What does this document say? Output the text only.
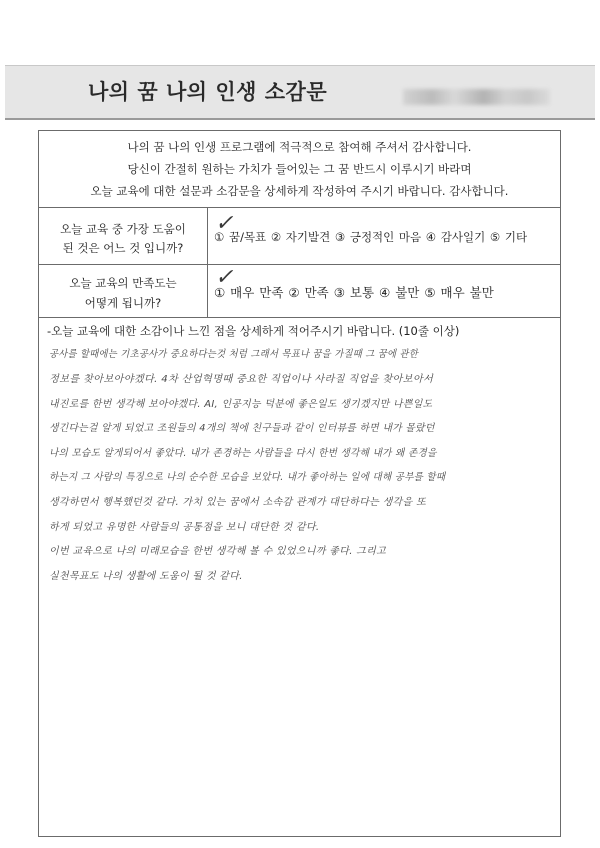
나의 꿈 나의 인생 소감문
나의 꿈 나의 인생 프로그램에 적극적으로 참여해 주셔서 감사합니다.
당신이 간절히 원하는 가치가 들어있는 그 꿈 반드시 이루시기 바라며
오늘 교육에 대한 설문과 소감문을 상세하게 작성하여 주시기 바랍니다. 감사합니다.
오늘 교육 중 가장 도움이
된 것은 어느 것 입니까?
① 꿈/목표 ② 자기발견 ③ 긍정적인 마음 ④ 감사일기 ⑤ 기타
✓
오늘 교육의 만족도는
어떻게 됩니까?
① 매우 만족 ② 만족 ③ 보통 ④ 불만 ⑤ 매우 불만
✓
-오늘 교육에 대한 소감이나 느낀 점을 상세하게 적어주시기 바랍니다. (10줄 이상)
공사를 할때에는 기초공사가 중요하다는것 처럼 그래서 목표나 꿈을 가질때 그 꿈에 관한
정보를 찾아보아야겠다. 4차 산업혁명때 중요한 직업이나 사라질 직업을 찾아보아서
내진로를 한번 생각해 보아야겠다. AI, 인공지능 덕분에 좋은일도 생기겠지만 나쁜일도
생긴다는걸 알게 되었고 조원들의 4개의 책에 친구들과 같이 인터뷰를 하면 내가 몰랐던
나의 모습도 알게되어서 좋았다. 내가 존경하는 사람들을 다시 한번 생각해 내가 왜 존경을
하는지 그 사람의 특징으로 나의 순수한 모습을 보았다. 내가 좋아하는 일에 대해 공부를 할때
생각하면서 행복했던것 같다. 가치 있는 꿈에서 소속감 관계가 대단하다는 생각을 또
하게 되었고 유명한 사람들의 공통점을 보니 대단한 것 같다.
이번 교육으로 나의 미래모습을 한번 생각해 볼 수 있었으니까 좋다. 그리고
실천목표도 나의 생활에 도움이 될 것 같다.
